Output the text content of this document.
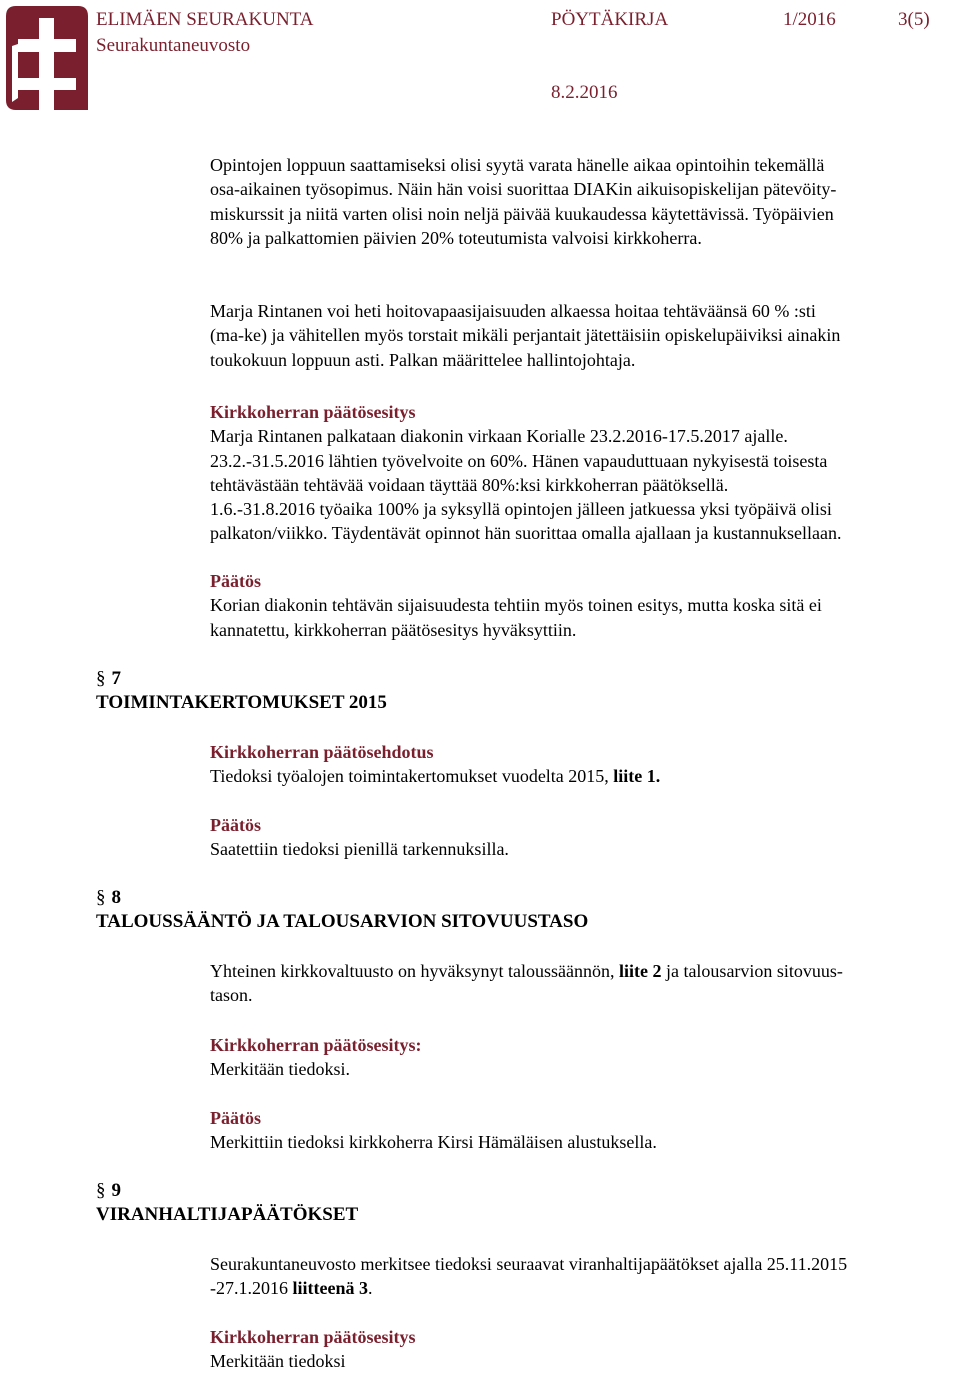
ELIMÄEN SEURAKUNTA	PÖYTÄKIRJA	1/2016	3(5)
Seurakuntaneuvosto
8.2.2016

Opintojen loppuun saattamiseksi olisi syytä varata hänelle aikaa opintoihin tekemällä

osa-aikainen työsopimus. Näin hän voisi suorittaa DIAKin aikuisopiskelijan pätevöity-

miskurssit ja niitä varten olisi noin neljä päivää kuukaudessa käytettävissä. Työpäivien

80% ja palkattomien päivien 20% toteutumista valvoisi kirkkoherra.

Marja Rintanen voi heti hoitovapaasijaisuuden alkaessa hoitaa tehtäväänsä 60 % :sti

(ma-ke) ja vähitellen myös torstait mikäli perjantait jätettäisiin opiskelupäiviksi ainakin

toukokuun loppuun asti. Palkan määrittelee hallintojohtaja.

Kirkkoherran päätösesitys

Marja Rintanen palkataan diakonin virkaan Korialle 23.2.2016-17.5.2017 ajalle.

23.2.-31.5.2016 lähtien työvelvoite on 60%. Hänen vapauduttuaan nykyisestä toisesta

tehtävästään tehtävää voidaan täyttää 80%:ksi kirkkoherran päätöksellä.

1.6.-31.8.2016 työaika 100% ja syksyllä opintojen jälleen jatkuessa yksi työpäivä olisi

palkaton/viikko. Täydentävät opinnot hän suorittaa omalla ajallaan ja kustannuksellaan.

Päätös

Korian diakonin tehtävän sijaisuudesta tehtiin myös toinen esitys, mutta koska sitä ei

kannatettu, kirkkoherran päätösesitys hyväksyttiin.

§ 7
TOIMINTAKERTOMUKSET 2015

Kirkkoherran päätösehdotus

Tiedoksi työalojen toimintakertomukset vuodelta 2015, liite 1.

Päätös

Saatettiin tiedoksi pienillä tarkennuksilla.

§ 8
TALOUSSÄÄNTÖ JA TALOUSARVION SITOVUUSTASO

Yhteinen kirkkovaltuusto on hyväksynyt taloussäännön, liite 2 ja talousarvion sitovuus-

tason.

Kirkkoherran päätösesitys:

Merkitään tiedoksi.

Päätös

Merkittiin tiedoksi kirkkoherra Kirsi Hämäläisen alustuksella.

§ 9
VIRANHALTIJAPÄÄTÖKSET

Seurakuntaneuvosto merkitsee tiedoksi seuraavat viranhaltijapäätökset ajalla 25.11.2015

-27.1.2016 liitteenä 3.

Kirkkoherran päätösesitys

Merkitään tiedoksi
